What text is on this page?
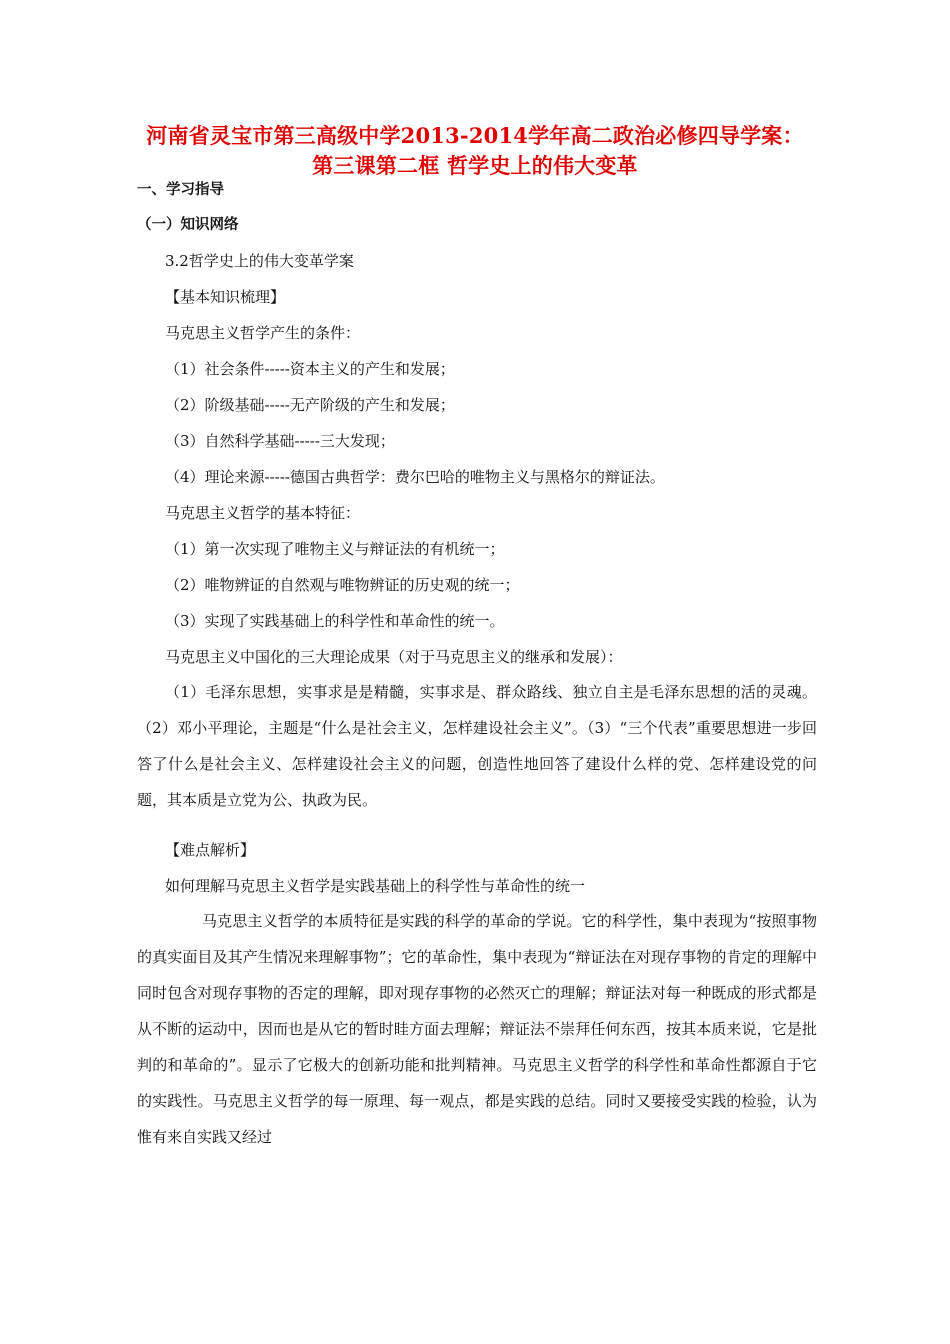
河南省灵宝市第三高级中学2013-2014学年高二政治必修四导学案：
第三课第二框 哲学史上的伟大变革
一、学习指导
（一）知识网络
3.2哲学史上的伟大变革学案
【基本知识梳理】
马克思主义哲学产生的条件：
（1）社会条件-----资本主义的产生和发展；
（2）阶级基础-----无产阶级的产生和发展；
（3）自然科学基础-----三大发现；
（4）理论来源-----德国古典哲学：费尔巴哈的唯物主义与黑格尔的辩证法。
马克思主义哲学的基本特征：
（1）第一次实现了唯物主义与辩证法的有机统一；
（2）唯物辨证的自然观与唯物辨证的历史观的统一；
（3）实现了实践基础上的科学性和革命性的统一。
马克思主义中国化的三大理论成果（对于马克思主义的继承和发展）：
（1）毛泽东思想，实事求是是精髓，实事求是、群众路线、独立自主是毛泽东思想的活的灵魂。（2）邓小平理论，主题是“什么是社会主义，怎样建设社会主义”。（3）“三个代表”重要思想进一步回答了什么是社会主义、怎样建设社会主义的问题，创造性地回答了建设什么样的党、怎样建设党的问题，其本质是立党为公、执政为民。
【难点解析】
如何理解马克思主义哲学是实践基础上的科学性与革命性的统一
马克思主义哲学的本质特征是实践的科学的革命的学说。它的科学性，集中表现为“按照事物的真实面目及其产生情况来理解事物”；它的革命性，集中表现为“辩证法在对现存事物的肯定的理解中同时包含对现存事物的否定的理解，即对现存事物的必然灭亡的理解；辩证法对每一种既成的形式都是从不断的运动中，因而也是从它的暂时眭方面去理解；辩证法不崇拜任何东西，按其本质来说，它是批判的和革命的”。显示了它极大的创新功能和批判精神。马克思主义哲学的科学性和革命性都源自于它的实践性。马克思主义哲学的每一原理、每一观点，都是实践的总结。同时又要接受实践的检验，认为惟有来自实践又经过
